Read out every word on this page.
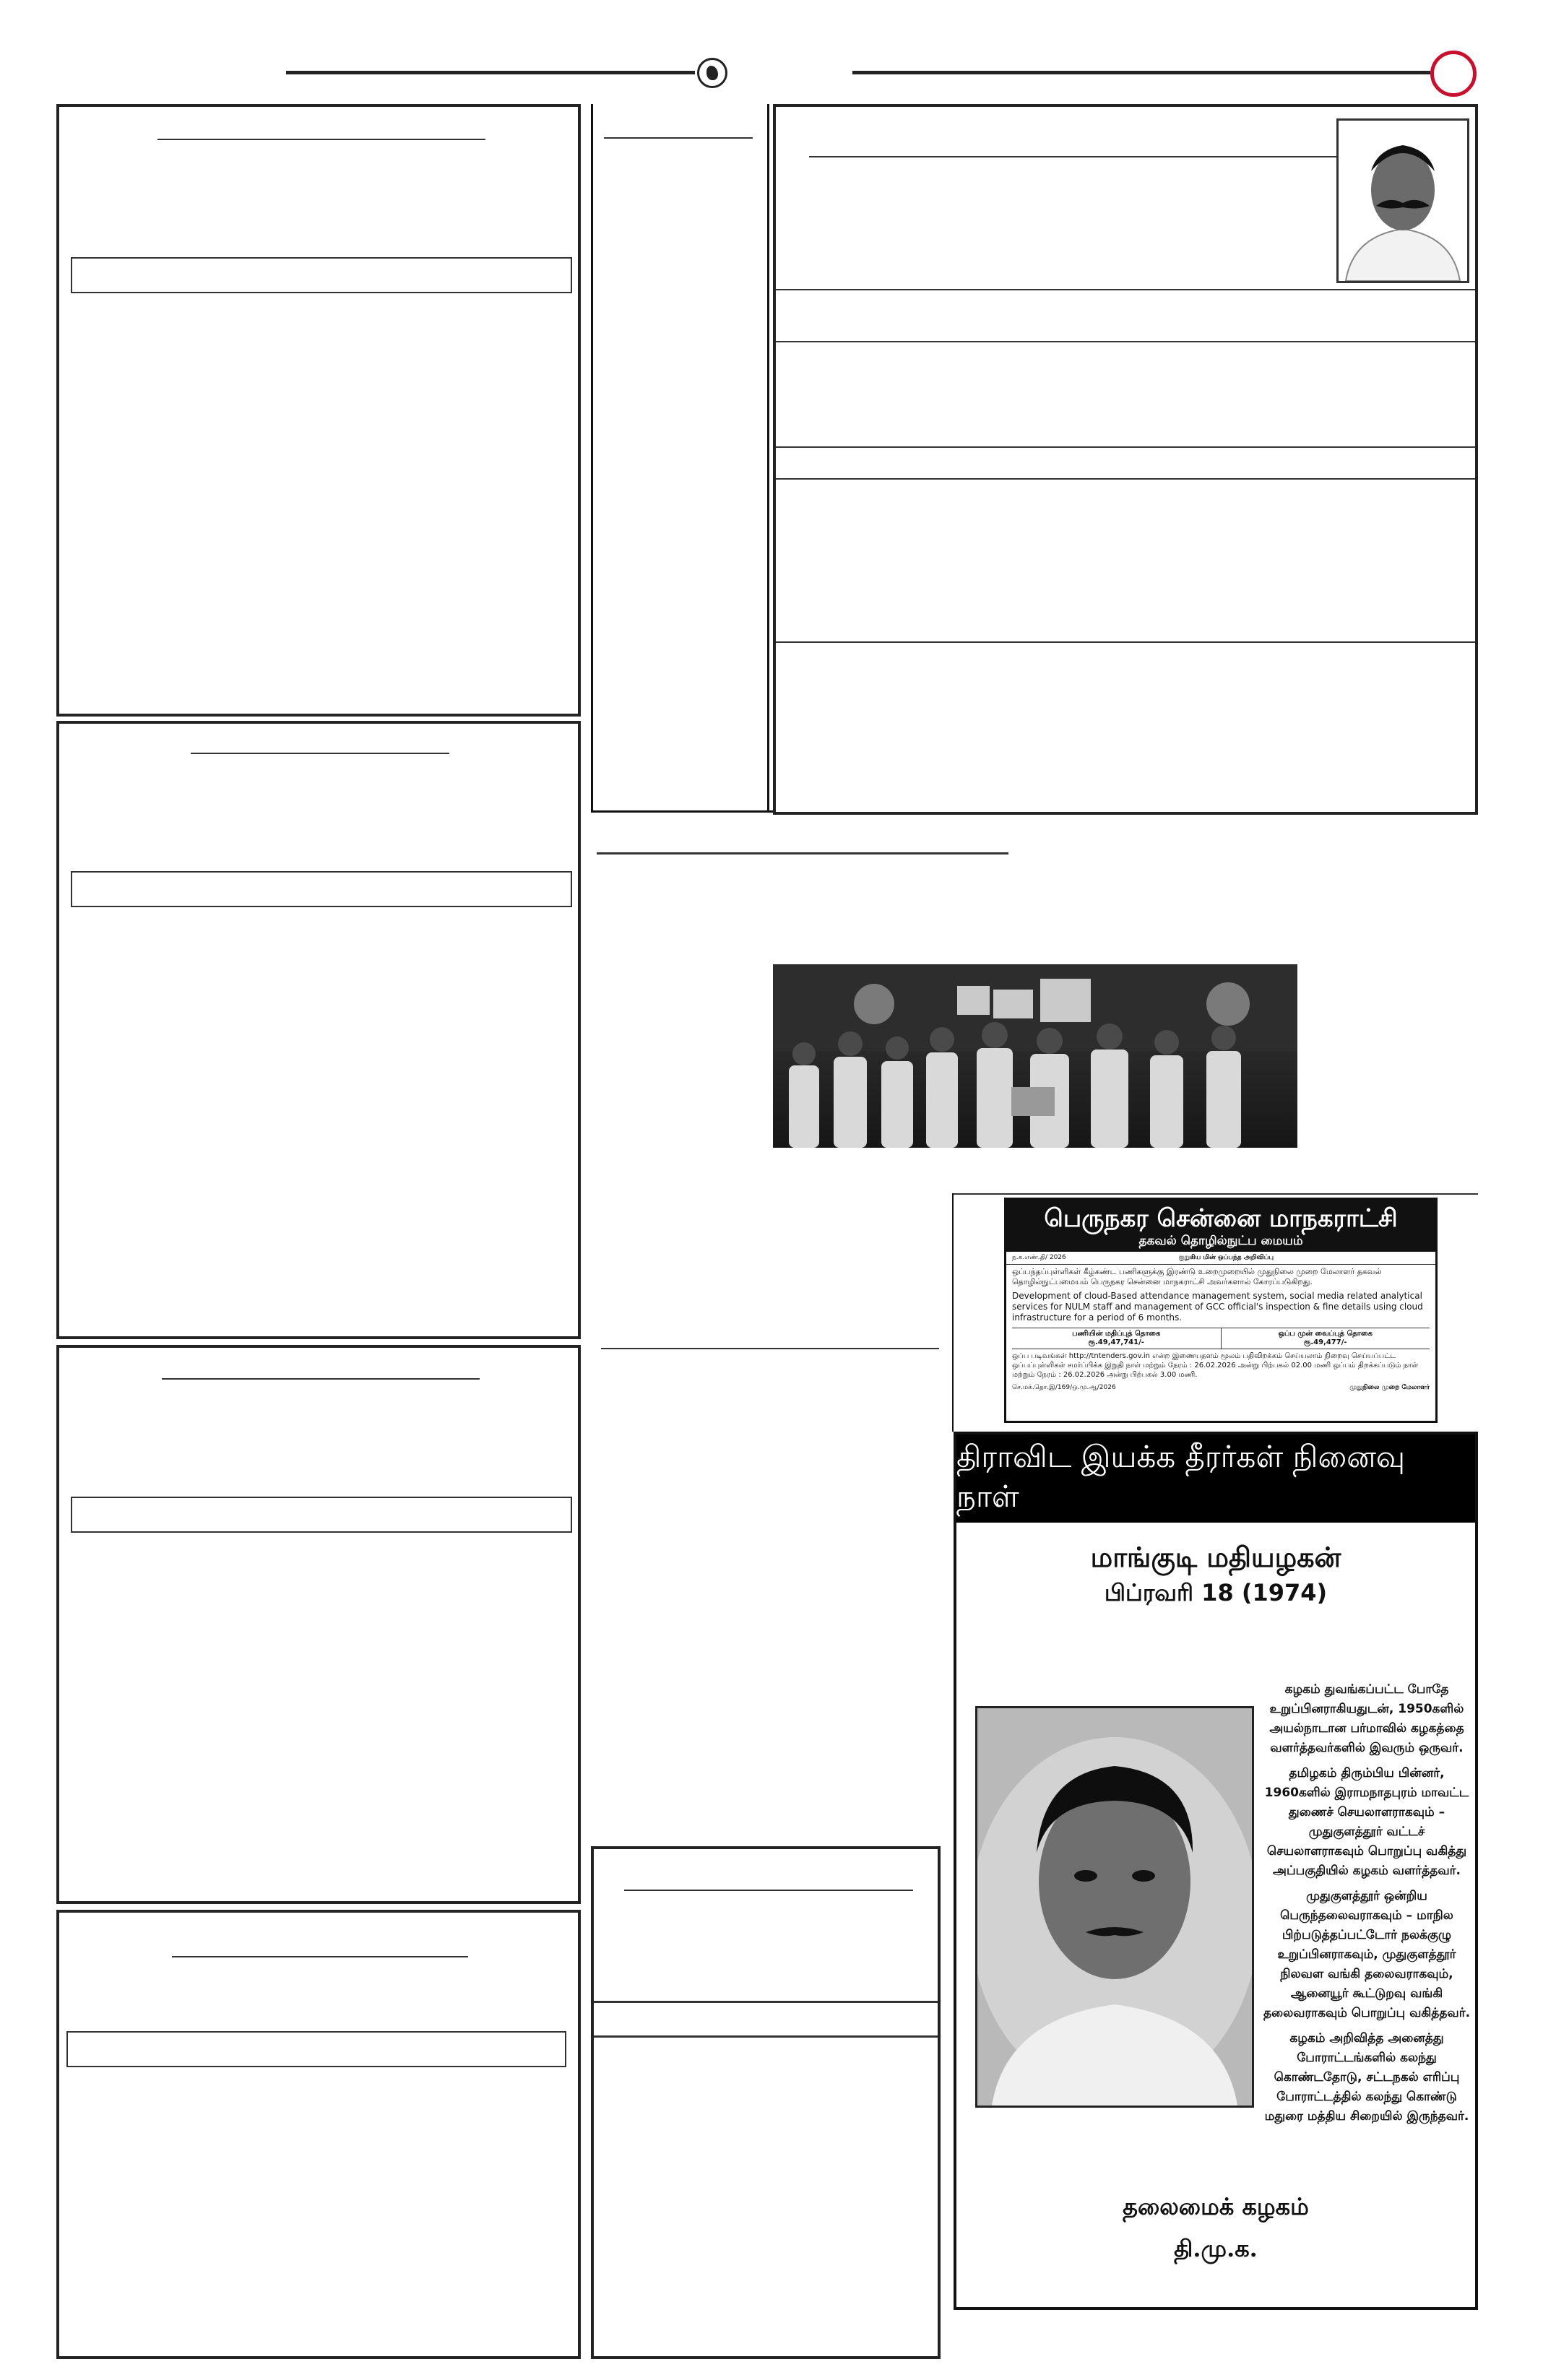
பெருநகர சென்னை மாநகராட்சி
தகவல் தொழில்நுட்ப மையம்
ந.க.எண்.தி/ 2026	குறுகிய மின் ஒப்பந்த அறிவிப்பு
ஒப்பந்தப்புள்ளிகள் கீழ்கண்ட பணிகளுக்கு இரண்டு உறைமுறையில் முதுநிலை முறை மேலாளர் தகவல் தொழில்நுட்பமையம் பெருநகர சென்னை மாநகராட்சி அவர்களால் கோரப்படுகிறது.
Development of cloud-Based attendance management system, social media related analytical services for NULM staff and management of GCC official's inspection & fine details using cloud infrastructure for a period of 6 months.
பணியின் மதிப்புத் தொகை
ரூ.49,47,741/-
ஒப்ப முன் வைப்புத் தொகை
ரூ.49,477/-
ஒப்ப படிவங்கள் http://tntenders.gov.in என்ற இணையதளம் மூலம் பதிவிறக்கம் செய்யலாம் நிறைவு செய்யப்பட்ட ஒப்பப்புள்ளிகள் சமர்ப்பிக்க இறுதி நாள் மற்றும் நேரம் : 26.02.2026 அன்று பிற்பகல் 02.00 மணி ஒப்பம் திறக்கப்படும் நாள் மற்றும் நேரம் : 26.02.2026 அன்று பிற்பகல் 3.00 மணி.
செ.மக்.தொ.இ/169/ஒ.மு.ஆ/2026	முதுநிலை முறை மேலாளர்
திராவிட இயக்க தீரர்கள் நினைவு நாள்
மாங்குடி மதியழகன்
பிப்ரவரி 18 (1974)

கழகம் துவங்கப்பட்ட போதே உறுப்பினராகியதுடன், 1950களில் அயல்நாடான பர்மாவில் கழகத்தை வளர்த்தவர்களில் இவரும் ஒருவர்.

தமிழகம் திரும்பிய பின்னர், 1960களில் இராமநாதபுரம் மாவட்ட துணைச் செயலாளராகவும் – முதுகுளத்தூர் வட்டச் செயலாளராகவும் பொறுப்பு வகித்து அப்பகுதியில் கழகம் வளர்த்தவர்.

முதுகுளத்தூர் ஒன்றிய பெருந்தலைவராகவும் – மாநில பிற்படுத்தப்பட்டோர் நலக்குழு உறுப்பினராகவும், முதுகுளத்தூர் நிலவள வங்கி தலைவராகவும், ஆனையூர் கூட்டுறவு வங்கி தலைவராகவும் பொறுப்பு வகித்தவர்.

கழகம் அறிவித்த அனைத்து போராட்டங்களில் கலந்து கொண்டதோடு, சட்டநகல் எரிப்பு போராட்டத்தில் கலந்து கொண்டு மதுரை மத்திய சிறையில் இருந்தவர்.

தலைமைக் கழகம்
தி.மு.க.
